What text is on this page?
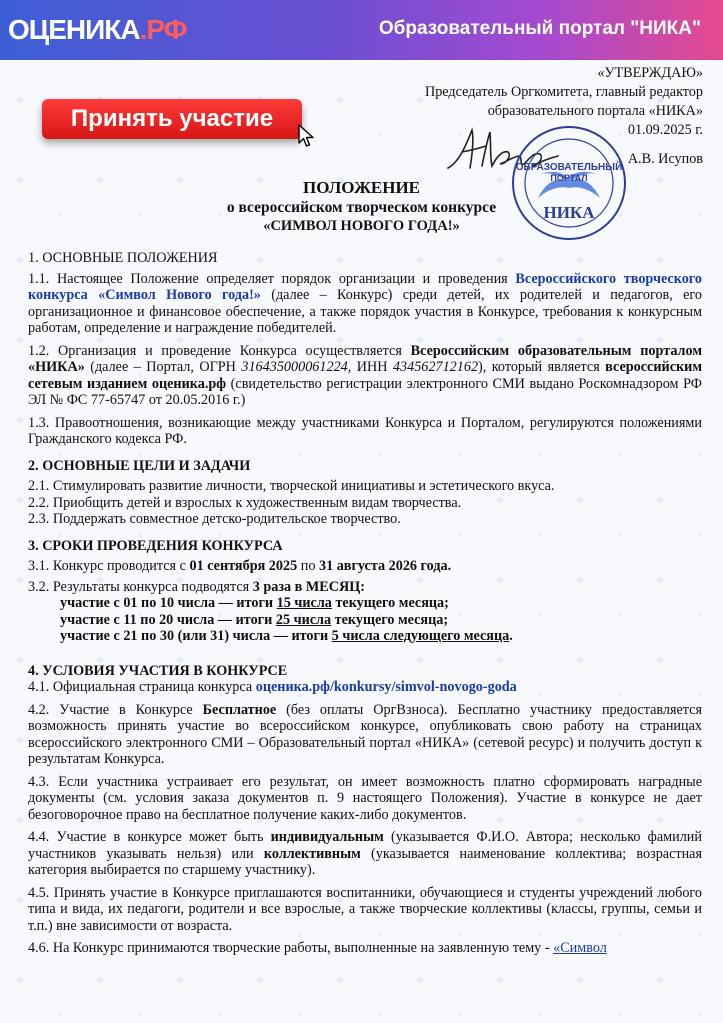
ОЦЕНИКА.РФ	Образовательный портал "НИКА"
Принять участие
«УТВЕРЖДАЮ»
Председатель Оргкомитета, главный редактор
образовательного портала «НИКА»
01.09.2025 г.
А.В. Исупов
ОБРАЗОВАТЕЛЬНЫЙ
ПОРТАЛ
НИКА
ПОЛОЖЕНИЕ
о всероссийском творческом конкурсе
«СИМВОЛ НОВОГО ГОДА!»

1. ОСНОВНЫЕ ПОЛОЖЕНИЯ

1.1. Настоящее Положение определяет порядок организации и проведения Всероссийского творческого конкурса «Символ Нового года!» (далее – Конкурс) среди детей, их родителей и педагогов, его организационное и финансовое обеспечение, а также порядок участия в Конкурсе, требования к конкурсным работам, определение и награждение победителей.

1.2. Организация и проведение Конкурса осуществляется Всероссийским образовательным порталом «НИКА» (далее – Портал, ОГРН 316435000061224, ИНН 434562712162), который является всероссийским сетевым изданием оценика.рф (свидетельство регистрации электронного СМИ выдано Роскомнадзором РФ ЭЛ № ФС 77-65747 от 20.05.2016 г.)

1.3. Правоотношения, возникающие между участниками Конкурса и Порталом, регулируются положениями Гражданского кодекса РФ.

2. ОСНОВНЫЕ ЦЕЛИ И ЗАДАЧИ

2.1. Стимулировать развитие личности, творческой инициативы и эстетического вкуса.

2.2. Приобщить детей и взрослых к художественным видам творчества.

2.3. Поддержать совместное детско-родительское творчество.

3. СРОКИ ПРОВЕДЕНИЯ КОНКУРСА

3.1. Конкурс проводится с 01 сентября 2025 по 31 августа 2026 года.

3.2. Результаты конкурса подводятся 3 раза в МЕСЯЦ:

участие с 01 по 10 числа — итоги 15 числа текущего месяца;

участие с 11 по 20 числа — итоги 25 числа текущего месяца;

участие с 21 по 30 (или 31) числа — итоги 5 числа следующего месяца.

4. УСЛОВИЯ УЧАСТИЯ В КОНКУРСЕ

4.1. Официальная страница конкурса оценика.рф/konkursy/simvol-novogo-goda

4.2. Участие в Конкурсе Бесплатное (без оплаты ОргВзноса). Бесплатно участнику предоставляется возможность принять участие во всероссийском конкурсе, опубликовать свою работу на страницах всероссийского электронного СМИ – Образовательный портал «НИКА» (сетевой ресурс) и получить доступ к результатам Конкурса.

4.3. Если участника устраивает его результат, он имеет возможность платно сформировать наградные документы (см. условия заказа документов п. 9 настоящего Положения). Участие в конкурсе не дает безоговорочное право на бесплатное получение каких-либо документов.

4.4. Участие в конкурсе может быть индивидуальным (указывается Ф.И.О. Автора; несколько фамилий участников указывать нельзя) или коллективным (указывается наименование коллектива; возрастная категория выбирается по старшему участнику).

4.5. Принять участие в Конкурсе приглашаются воспитанники, обучающиеся и студенты учреждений любого типа и вида, их педагоги, родители и все взрослые, а также творческие коллективы (классы, группы, семьи и т.п.) вне зависимости от возраста.

4.6. На Конкурс принимаются творческие работы, выполненные на заявленную тему - «Символ
